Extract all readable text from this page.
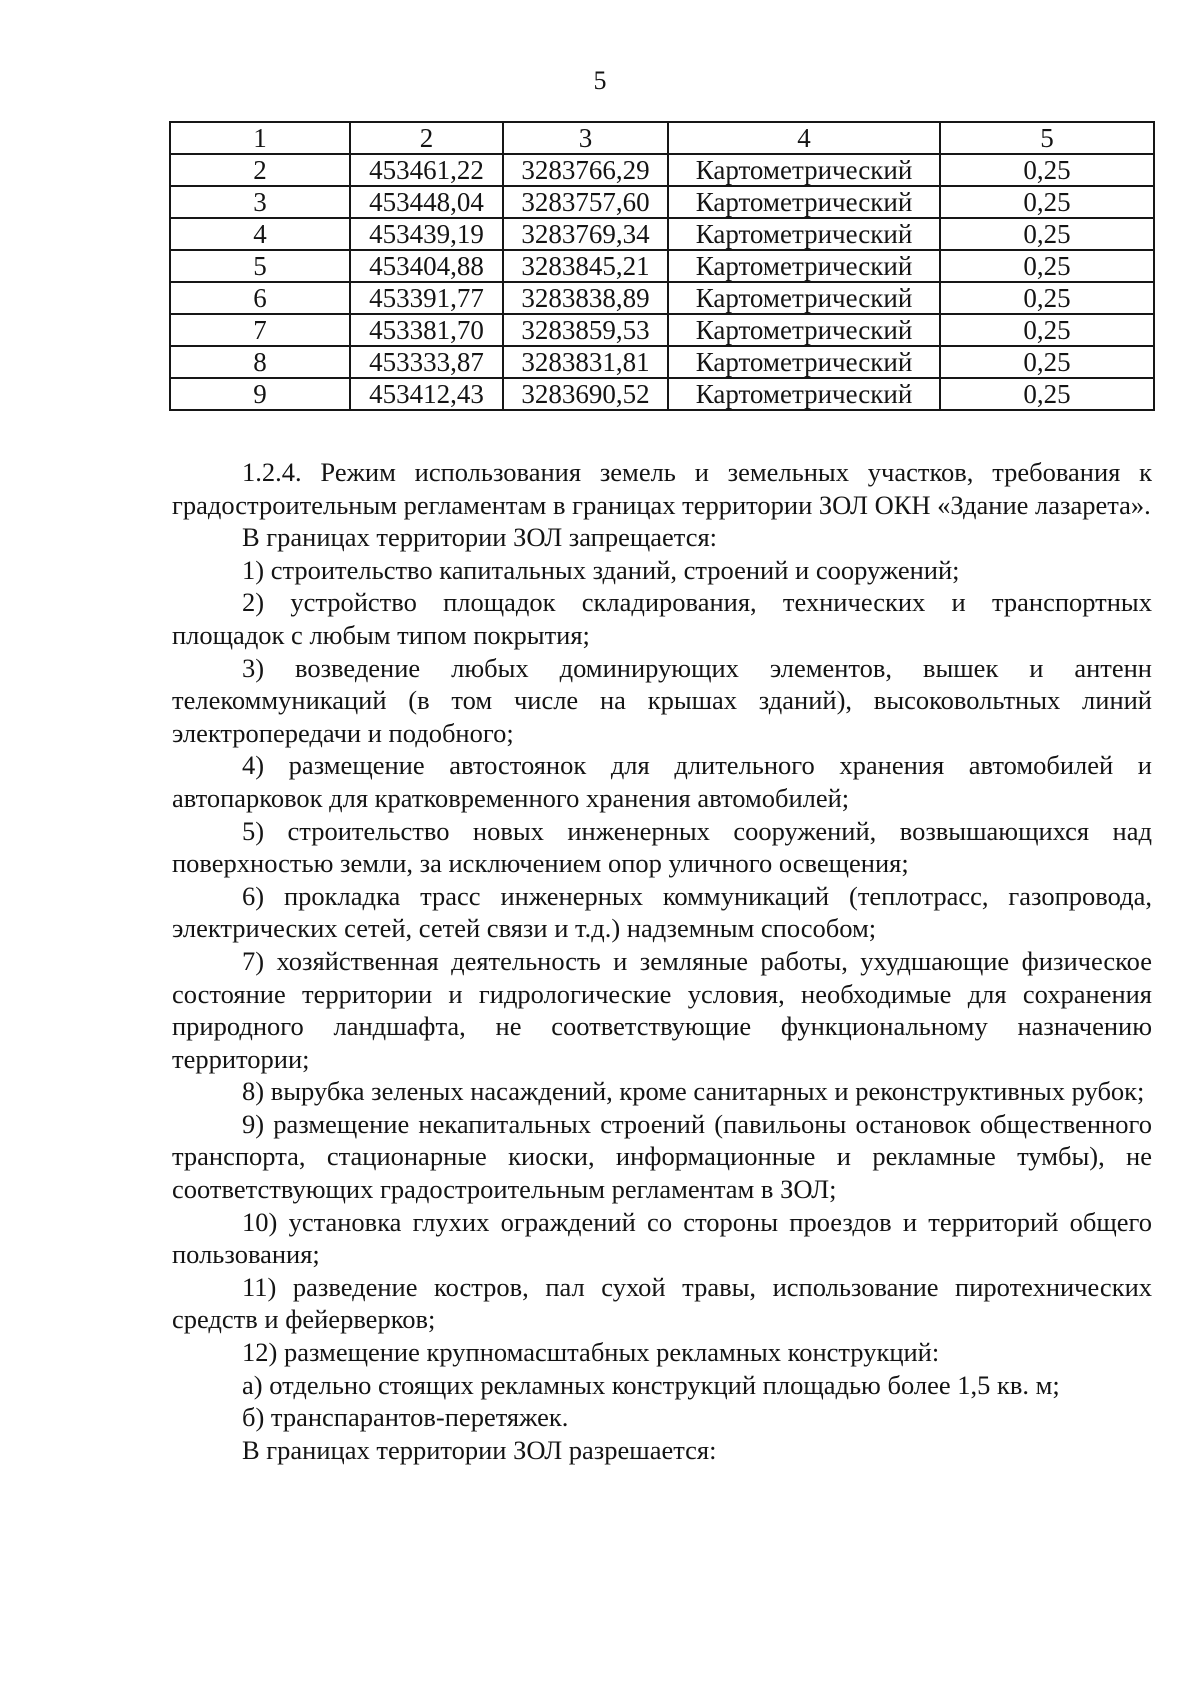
5
1	2	3	4	5
2	453461,22	3283766,29	Картометрический	0,25
3	453448,04	3283757,60	Картометрический	0,25
4	453439,19	3283769,34	Картометрический	0,25
5	453404,88	3283845,21	Картометрический	0,25
6	453391,77	3283838,89	Картометрический	0,25
7	453381,70	3283859,53	Картометрический	0,25
8	453333,87	3283831,81	Картометрический	0,25
9	453412,43	3283690,52	Картометрический	0,25

1.2.4. Режим использования земель и земельных участков, требования к градостроительным регламентам в границах территории ЗОЛ ОКН «Здание лазарета».

В границах территории ЗОЛ запрещается:

1) строительство капитальных зданий, строений и сооружений;

2) устройство площадок складирования, технических и транспортных площадок с любым типом покрытия;

3) возведение любых доминирующих элементов, вышек и антенн телекоммуникаций (в том числе на крышах зданий), высоковольтных линий электропередачи и подобного;

4) размещение автостоянок для длительного хранения автомобилей и автопарковок для кратковременного хранения автомобилей;

5) строительство новых инженерных сооружений, возвышающихся над поверхностью земли, за исключением опор уличного освещения;

6) прокладка трасс инженерных коммуникаций (теплотрасс, газопровода, электрических сетей, сетей связи и т.д.) надземным способом;

7) хозяйственная деятельность и земляные работы, ухудшающие физическое состояние территории и гидрологические условия, необходимые для сохранения природного ландшафта, не соответствующие функциональному назначению территории;

8) вырубка зеленых насаждений, кроме санитарных и реконструктивных рубок;

9) размещение некапитальных строений (павильоны остановок общественного транспорта, стационарные киоски, информационные и рекламные тумбы), не соответствующих градостроительным регламентам в ЗОЛ;

10) установка глухих ограждений со стороны проездов и территорий общего пользования;

11) разведение костров, пал сухой травы, использование пиротехнических средств и фейерверков;

12) размещение крупномасштабных рекламных конструкций:

а) отдельно стоящих рекламных конструкций площадью более 1,5 кв. м;

б) транспарантов-перетяжек.

В границах территории ЗОЛ разрешается:
